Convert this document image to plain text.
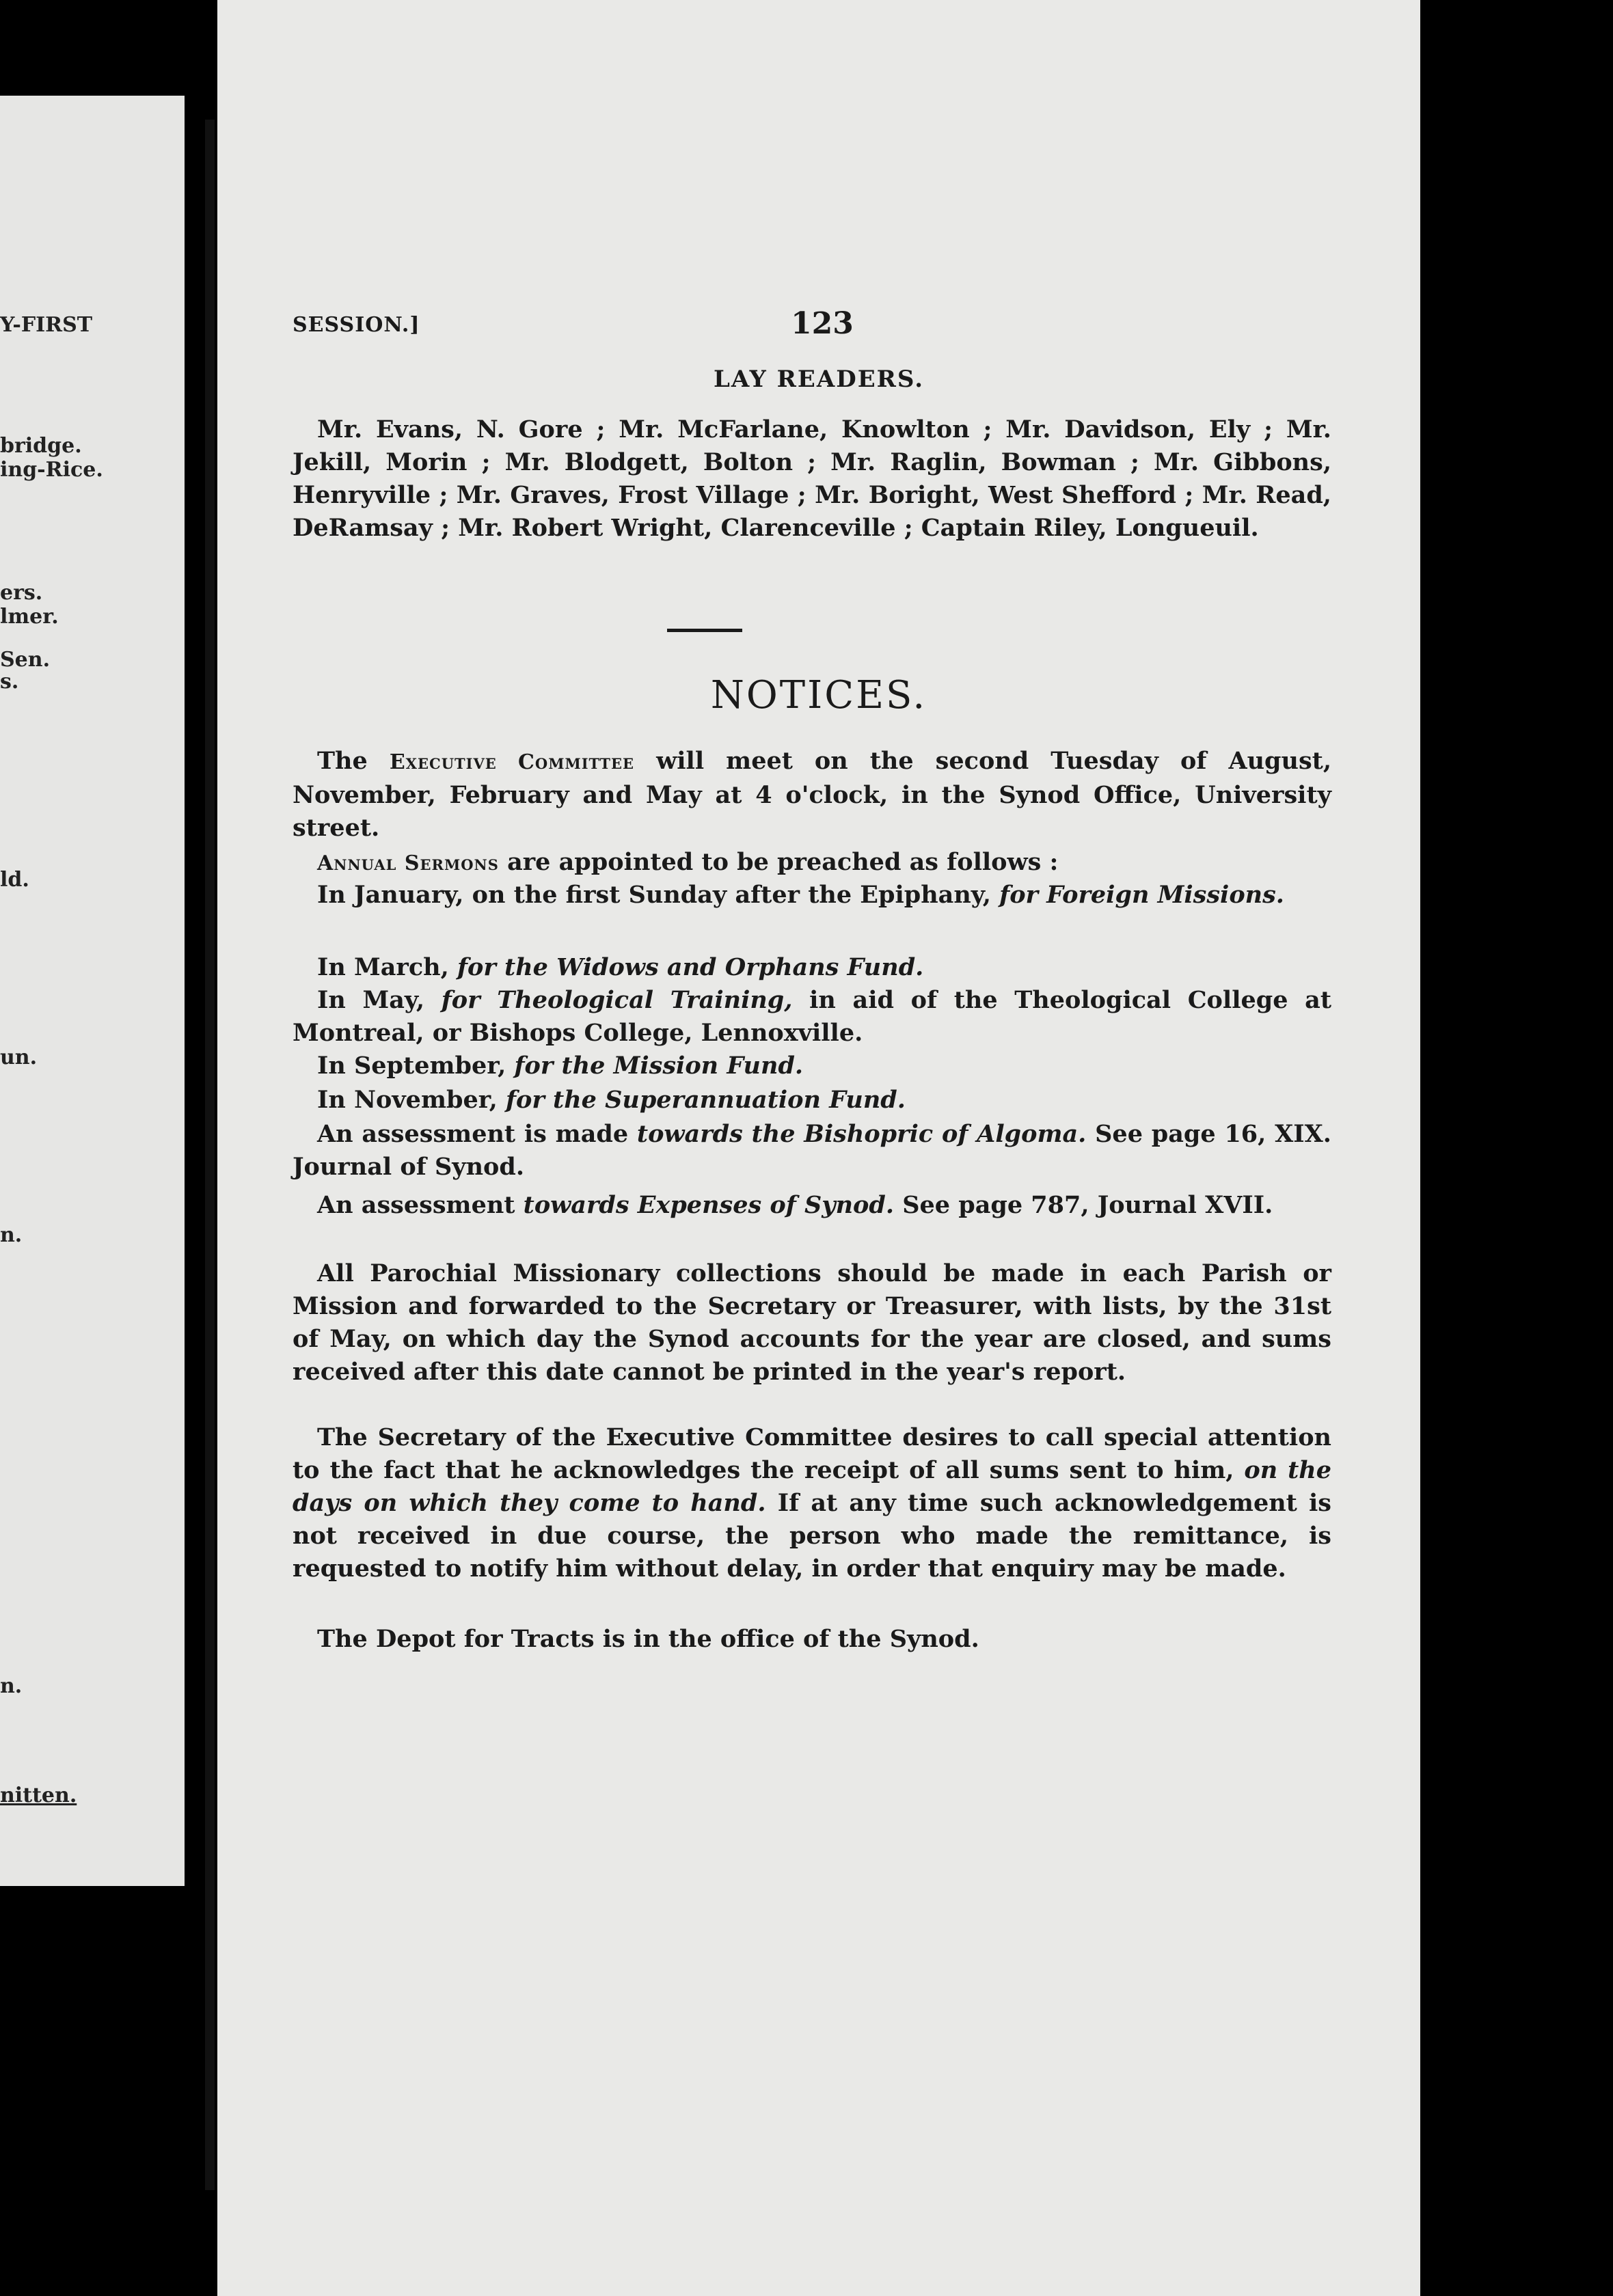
Y-FIRST
bridge.
ing-Rice.
ers.
lmer.
Sen.
s.
ld.
un.
n.
n.
nitten.
SESSION.]	123
LAY READERS.

Mr. Evans, N. Gore ; Mr. McFarlane, Knowlton ; Mr. Davidson, Ely ; Mr. Jekill, Morin ; Mr. Blodgett, Bolton ; Mr. Raglin, Bowman ; Mr. Gibbons, Henryville ; Mr. Graves, Frost Village ; Mr. Boright, West Shefford ; Mr. Read, DeRamsay ; Mr. Robert Wright, Clarenceville ; Captain Riley, Longueuil.

NOTICES.

The Executive Committee will meet on the second Tuesday of August, November, February and May at 4 o'clock, in the Synod Office, University street.

Annual Sermons are appointed to be preached as follows :

In January, on the first Sunday after the Epiphany, for Foreign Missions.

In March, for the Widows and Orphans Fund.

In May, for Theological Training, in aid of the Theological College at Montreal, or Bishops College, Lennoxville.

In September, for the Mission Fund.

In November, for the Superannuation Fund.

An assessment is made towards the Bishopric of Algoma. See page 16, XIX. Journal of Synod.

An assessment towards Expenses of Synod. See page 787, Journal XVII.

All Parochial Missionary collections should be made in each Parish or Mission and forwarded to the Secretary or Treasurer, with lists, by the 31st of May, on which day the Synod accounts for the year are closed, and sums received after this date cannot be printed in the year's report.

The Secretary of the Executive Committee desires to call special attention to the fact that he acknowledges the receipt of all sums sent to him, on the days on which they come to hand. If at any time such acknowledgement is not received in due course, the person who made the remittance, is requested to notify him without delay, in order that enquiry may be made.

The Depot for Tracts is in the office of the Synod.
